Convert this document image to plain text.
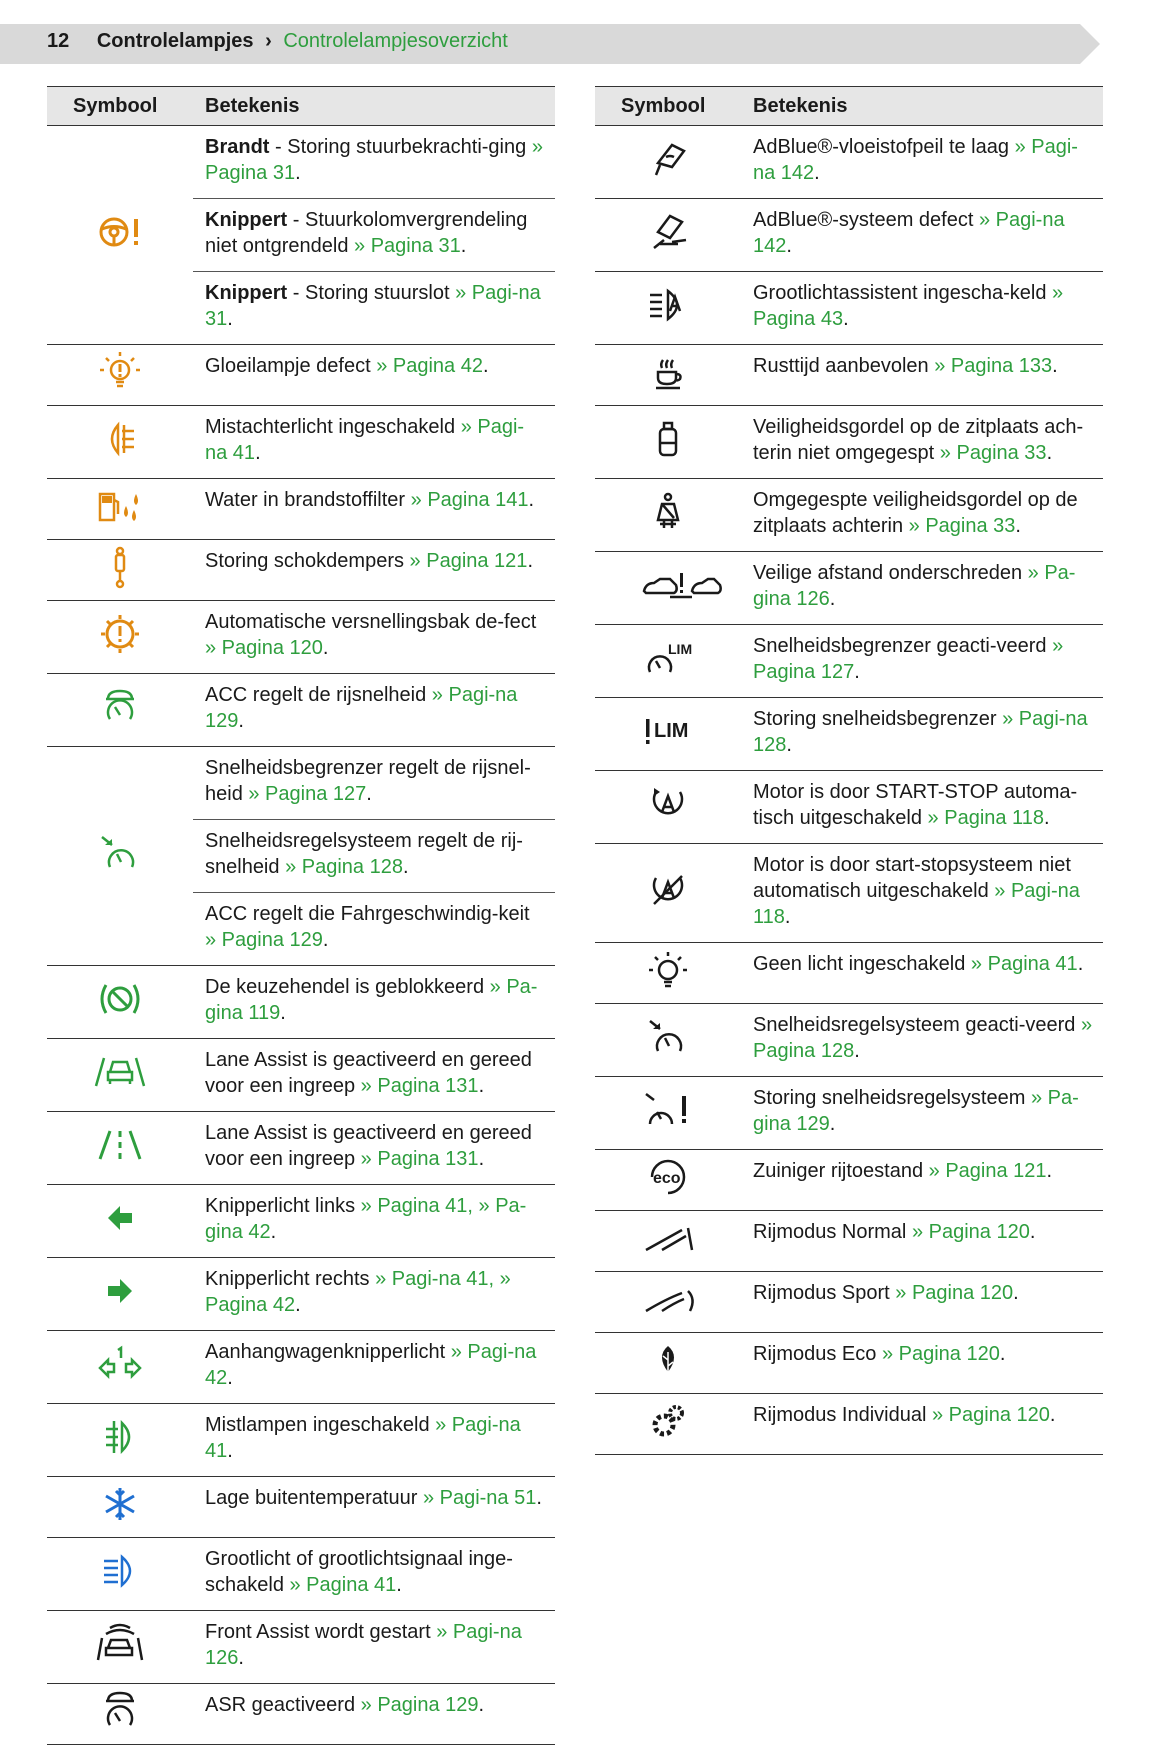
12 Controlelampjes › Controlelampjesoverzicht
Symbool	Betekenis

	Brandt - Storing stuurbekrachti-ging » Pagina 31.
	Knippert - Stuurkolomvergrendeling niet ontgrendeld » Pagina 31.
	Knippert - Storing stuurslot » Pagi-na 31.

	Gloeilampje defect » Pagina 42.

	Mistachterlicht ingeschakeld » Pagi-na 41.

	Water in brandstoffilter » Pagina 141.

	Storing schokdempers » Pagina 121.

	Automatische versnellingsbak de-fect » Pagina 120.

	ACC regelt de rijsnelheid » Pagi-na 129.

	Snelheidsbegrenzer regelt de rijsnel-heid » Pagina 127.
	Snelheidsregelsysteem regelt de rij-snelheid » Pagina 128.
	ACC regelt die Fahrgeschwindig-keit » Pagina 129.

	De keuzehendel is geblokkeerd » Pa-gina 119.

	Lane Assist is geactiveerd en gereed voor een ingreep » Pagina 131.

	Lane Assist is geactiveerd en gereed voor een ingreep » Pagina 131.

	Knipperlicht links » Pagina 41, » Pa-gina 42.

	Knipperlicht rechts » Pagi-na 41, » Pagina 42.

	Aanhangwagenknipperlicht » Pagi-na 42.

	Mistlampen ingeschakeld » Pagi-na 41.

	Lage buitentemperatuur » Pagi-na 51.

	Grootlicht of grootlichtsignaal inge-schakeld » Pagina 41.

	Front Assist wordt gestart » Pagi-na 126.

	ASR geactiveerd » Pagina 129.
Symbool	Betekenis

	AdBlue®-vloeistofpeil te laag » Pagi-na 142.

	AdBlue®-systeem defect » Pagi-na 142.

	Grootlichtassistent ingescha-keld » Pagina 43.

	Rusttijd aanbevolen » Pagina 133.

	Veiligheidsgordel op de zitplaats ach-terin niet omgegespt » Pagina 33.

	Omgegespte veiligheidsgordel op de zitplaats achterin » Pagina 33.

	Veilige afstand onderschreden » Pa-gina 126.

LIM	Snelheidsbegrenzer geacti-veerd » Pagina 127.

LIM	Storing snelheidsbegrenzer » Pagi-na 128.

	Motor is door START-STOP automa-tisch uitgeschakeld » Pagina 118.

	Motor is door start-stopsysteem niet automatisch uitgeschakeld » Pagi-na 118.

	Geen licht ingeschakeld » Pagina 41.

	Snelheidsregelsysteem geacti-veerd » Pagina 128.

	Storing snelheidsregelsysteem » Pa-gina 129.

eco	Zuiniger rijtoestand » Pagina 121.

	Rijmodus Normal » Pagina 120.

	Rijmodus Sport » Pagina 120.

	Rijmodus Eco » Pagina 120.

	Rijmodus Individual » Pagina 120.
